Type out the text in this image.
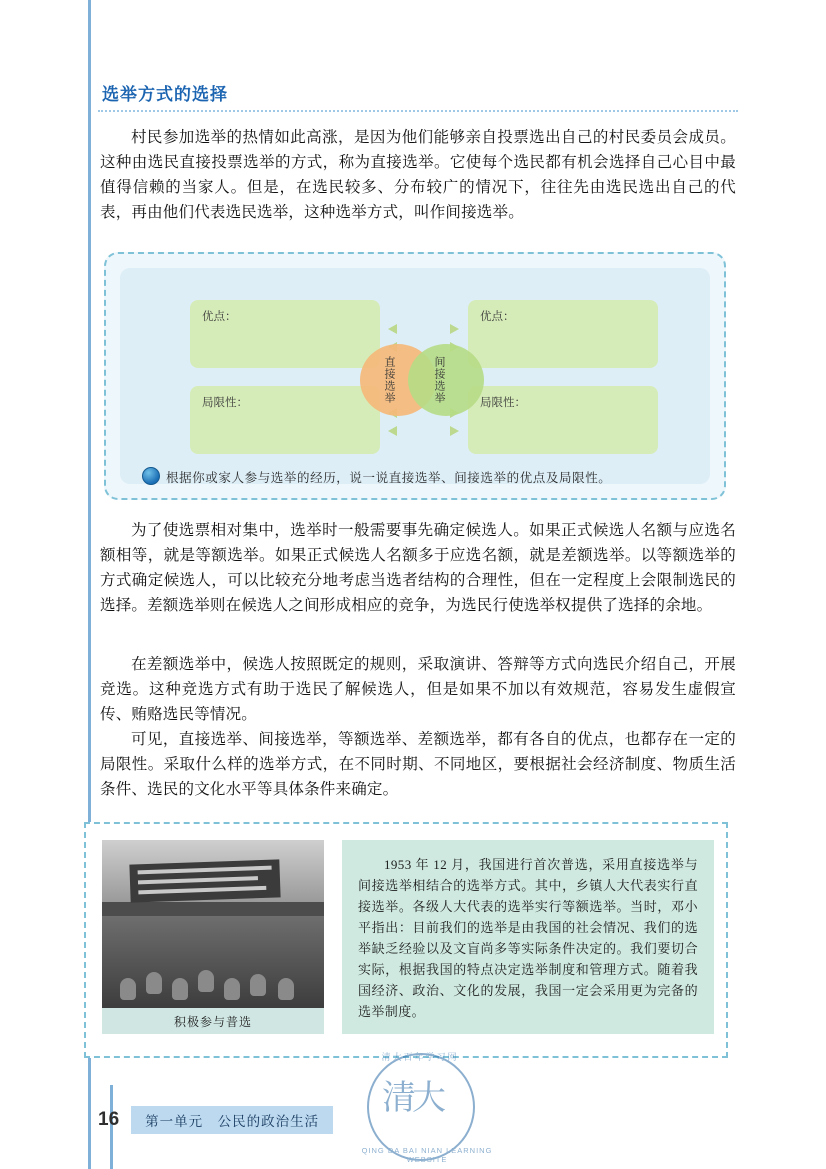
选举方式的选择
村民参加选举的热情如此高涨，是因为他们能够亲自投票选出自己的村民委员会成员。这种由选民直接投票选举的方式，称为直接选举。它使每个选民都有机会选择自己心目中最值得信赖的当家人。但是，在选民较多、分布较广的情况下，往往先由选民选出自己的代表，再由他们代表选民选举，这种选举方式，叫作间接选举。
优点：
局限性：
优点：
局限性：
直接选举	间接选举
根据你或家人参与选举的经历，说一说直接选举、间接选举的优点及局限性。
为了使选票相对集中，选举时一般需要事先确定候选人。如果正式候选人名额与应选名额相等，就是等额选举。如果正式候选人名额多于应选名额，就是差额选举。以等额选举的方式确定候选人，可以比较充分地考虑当选者结构的合理性，但在一定程度上会限制选民的选择。差额选举则在候选人之间形成相应的竞争，为选民行使选举权提供了选择的余地。
在差额选举中，候选人按照既定的规则，采取演讲、答辩等方式向选民介绍自己，开展竞选。这种竞选方式有助于选民了解候选人，但是如果不加以有效规范，容易发生虚假宣传、贿赂选民等情况。
可见，直接选举、间接选举，等额选举、差额选举，都有各自的优点，也都存在一定的局限性。采取什么样的选举方式，在不同时期、不同地区，要根据社会经济制度、物质生活条件、选民的文化水平等具体条件来确定。
积极参与普选
1953 年 12 月，我国进行首次普选，采用直接选举与间接选举相结合的选举方式。其中，乡镇人大代表实行直接选举。各级人大代表的选举实行等额选举。当时，邓小平指出：目前我们的选举是由我国的社会情况、我们的选举缺乏经验以及文盲尚多等实际条件决定的。我们要切合实际，根据我国的特点决定选举制度和管理方式。随着我国经济、政治、文化的发展，我国一定会采用更为完备的选举制度。
16	第一单元　公民的政治生活
清大百年学习网
清大
QING DA BAI NIAN LEARNING WEBSITE
